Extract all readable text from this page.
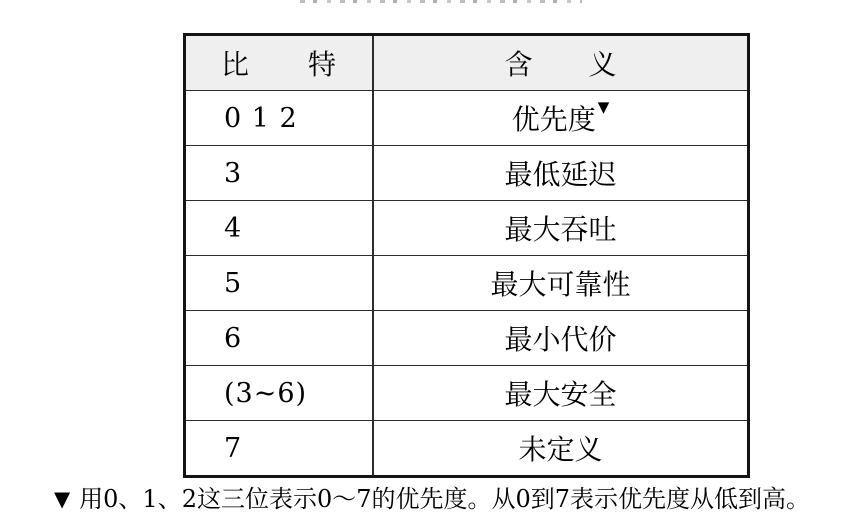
比　　特	含　　义
0 1 2	优先度 ▼
3	最低延迟
4	最大吞吐
5	最大可靠性
6	最小代价
(3~6)	最大安全
7	未定义
▼ 用0、1、2这三位表示0～7的优先度。从0到7表示优先度从低到高。
